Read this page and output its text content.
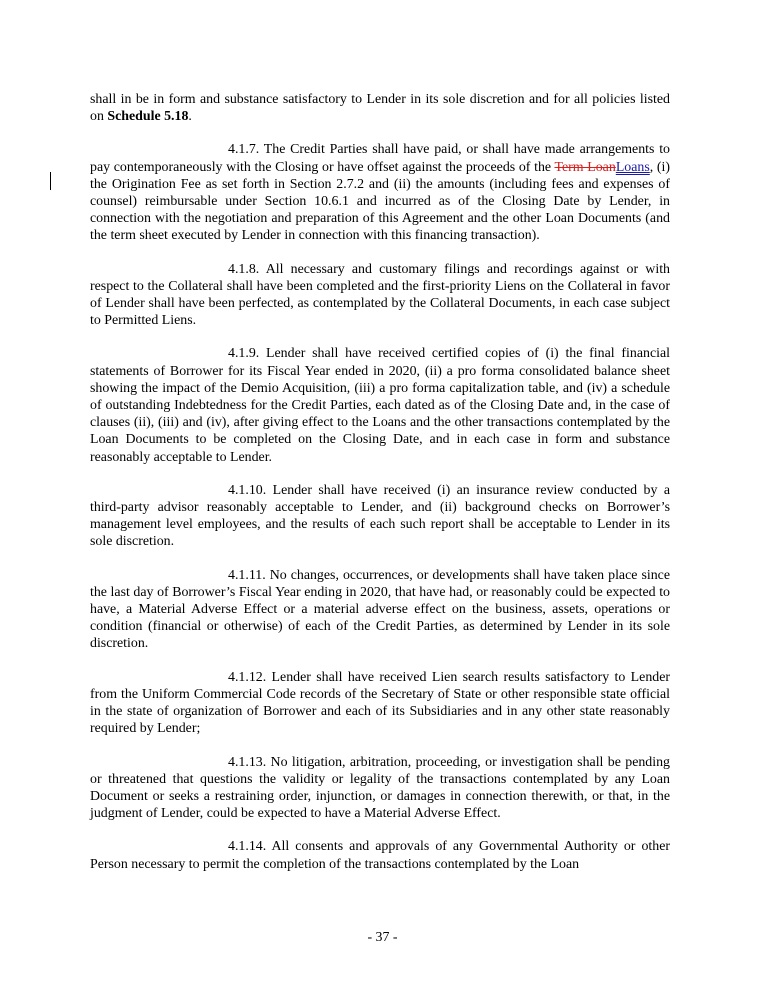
shall in be in form and substance satisfactory to Lender in its sole discretion and for all policies listed on Schedule 5.18.

4.1.7. The Credit Parties shall have paid, or shall have made arrangements to pay contemporaneously with the Closing or have offset against the proceeds of the Term LoanLoans, (i) the Origination Fee as set forth in Section 2.7.2 and (ii) the amounts (including fees and expenses of counsel) reimbursable under Section 10.6.1 and incurred as of the Closing Date by Lender, in connection with the negotiation and preparation of this Agreement and the other Loan Documents (and the term sheet executed by Lender in connection with this financing transaction).

4.1.8. All necessary and customary filings and recordings against or with respect to the Collateral shall have been completed and the first-priority Liens on the Collateral in favor of Lender shall have been perfected, as contemplated by the Collateral Documents, in each case subject to Permitted Liens.

4.1.9. Lender shall have received certified copies of (i) the final financial statements of Borrower for its Fiscal Year ended in 2020, (ii) a pro forma consolidated balance sheet showing the impact of the Demio Acquisition, (iii) a pro forma capitalization table, and (iv) a schedule of outstanding Indebtedness for the Credit Parties, each dated as of the Closing Date and, in the case of clauses (ii), (iii) and (iv), after giving effect to the Loans and the other transactions contemplated by the Loan Documents to be completed on the Closing Date, and in each case in form and substance reasonably acceptable to Lender.

4.1.10. Lender shall have received (i) an insurance review conducted by a third-party advisor reasonably acceptable to Lender, and (ii) background checks on Borrower’s management level employees, and the results of each such report shall be acceptable to Lender in its sole discretion.

4.1.11. No changes, occurrences, or developments shall have taken place since the last day of Borrower’s Fiscal Year ending in 2020, that have had, or reasonably could be expected to have, a Material Adverse Effect or a material adverse effect on the business, assets, operations or condition (financial or otherwise) of each of the Credit Parties, as determined by Lender in its sole discretion.

4.1.12. Lender shall have received Lien search results satisfactory to Lender from the Uniform Commercial Code records of the Secretary of State or other responsible state official in the state of organization of Borrower and each of its Subsidiaries and in any other state reasonably required by Lender;

4.1.13. No litigation, arbitration, proceeding, or investigation shall be pending or threatened that questions the validity or legality of the transactions contemplated by any Loan Document or seeks a restraining order, injunction, or damages in connection therewith, or that, in the judgment of Lender, could be expected to have a Material Adverse Effect.

4.1.14. All consents and approvals of any Governmental Authority or other Person necessary to permit the completion of the transactions contemplated by the Loan

- 37 -
